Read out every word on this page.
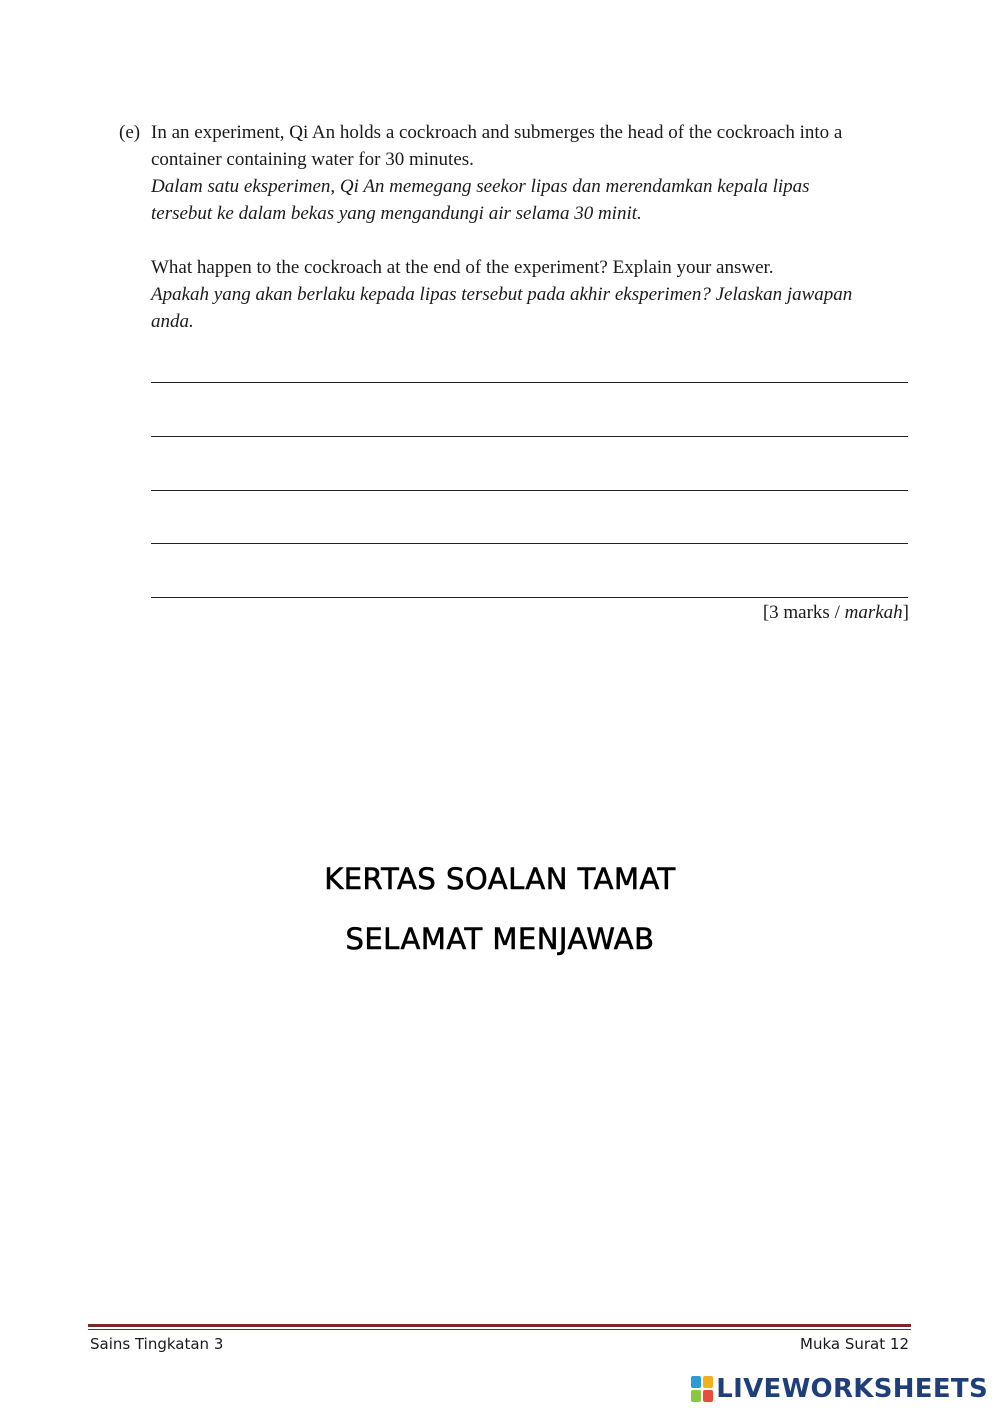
(e) In an experiment, Qi An holds a cockroach and submerges the head of the cockroach into a

container containing water for 30 minutes.

Dalam satu eksperimen, Qi An memegang seekor lipas dan merendamkan kepala lipas

tersebut ke dalam bekas yang mengandungi air selama 30 minit.

What happen to the cockroach at the end of the experiment? Explain your answer.

Apakah yang akan berlaku kepada lipas tersebut pada akhir eksperimen? Jelaskan jawapan

anda.

[3 marks / markah]
KERTAS SOALAN TAMAT
SELAMAT MENJAWAB
Sains Tingkatan 3	Muka Surat 12
LIVEWORKSHEETS
